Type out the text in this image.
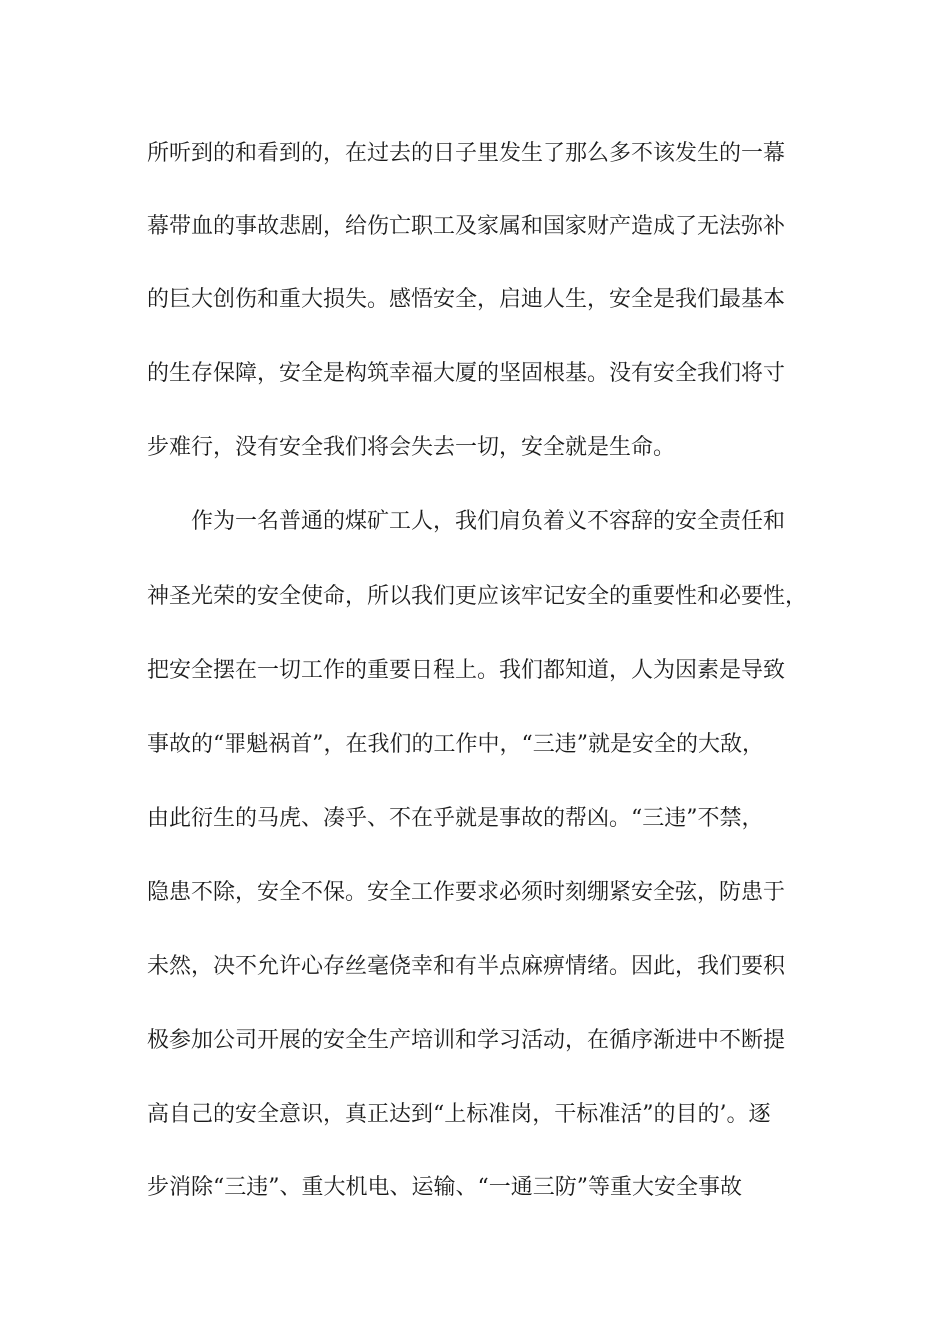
所听到的和看到的，在过去的日子里发生了那么多不该发生的一幕
幕带血的事故悲剧，给伤亡职工及家属和国家财产造成了无法弥补
的巨大创伤和重大损失。感悟安全，启迪人生，安全是我们最基本
的生存保障，安全是构筑幸福大厦的坚固根基。没有安全我们将寸
步难行，没有安全我们将会失去一切，安全就是生命。
作为一名普通的煤矿工人，我们肩负着义不容辞的安全责任和
神圣光荣的安全使命，所以我们更应该牢记安全的重要性和必要性，
把安全摆在一切工作的重要日程上。我们都知道，人为因素是导致
事故的“罪魁祸首”，在我们的工作中，“三违”就是安全的大敌，
由此衍生的马虎、凑乎、不在乎就是事故的帮凶。“三违”不禁，
隐患不除，安全不保。安全工作要求必须时刻绷紧安全弦，防患于
未然，决不允许心存丝毫侥幸和有半点麻痹情绪。因此，我们要积
极参加公司开展的安全生产培训和学习活动，在循序渐进中不断提
高自己的安全意识，真正达到“上标准岗，干标准活”的目的’。逐
步消除“三违”、重大机电、运输、“一通三防”等重大安全事故
